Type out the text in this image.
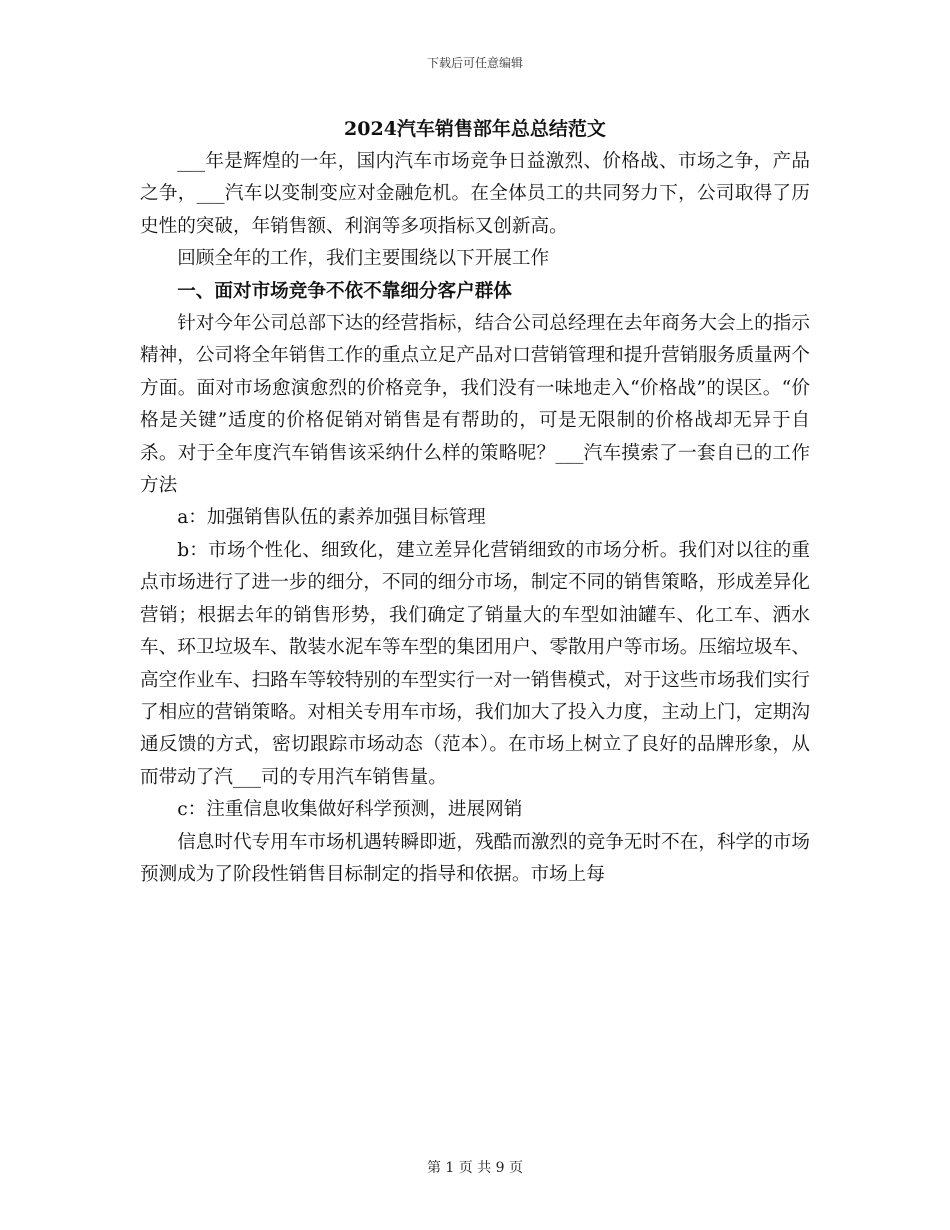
下载后可任意编辑
2024汽车销售部年总总结范文

___年是辉煌的一年，国内汽车市场竞争日益激烈、价格战、市场之争，产品之争，___汽车以变制变应对金融危机。在全体员工的共同努力下，公司取得了历史性的突破，年销售额、利润等多项指标又创新高。

回顾全年的工作，我们主要围绕以下开展工作

一、面对市场竞争不依不靠细分客户群体

针对今年公司总部下达的经营指标，结合公司总经理在去年商务大会上的指示精神，公司将全年销售工作的重点立足产品对口营销管理和提升营销服务质量两个方面。面对市场愈演愈烈的价格竞争，我们没有一味地走入“价格战”的误区。“价格是关键”适度的价格促销对销售是有帮助的，可是无限制的价格战却无异于自杀。对于全年度汽车销售该采纳什么样的策略呢？___汽车摸索了一套自已的工作方法

a：加强销售队伍的素养加强目标管理

b：市场个性化、细致化，建立差异化营销细致的市场分析。我们对以往的重点市场进行了进一步的细分，不同的细分市场，制定不同的销售策略，形成差异化营销；根据去年的销售形势，我们确定了销量大的车型如油罐车、化工车、洒水车、环卫垃圾车、散装水泥车等车型的集团用户、零散用户等市场。压缩垃圾车、高空作业车、扫路车等较特别的车型实行一对一销售模式，对于这些市场我们实行了相应的营销策略。对相关专用车市场，我们加大了投入力度，主动上门，定期沟通反馈的方式，密切跟踪市场动态（范本）。在市场上树立了良好的品牌形象，从而带动了汽___司的专用汽车销售量。

c：注重信息收集做好科学预测，进展网销

信息时代专用车市场机遇转瞬即逝，残酷而激烈的竞争无时不在，科学的市场预测成为了阶段性销售目标制定的指导和依据。市场上每

第 1 页 共 9 页
